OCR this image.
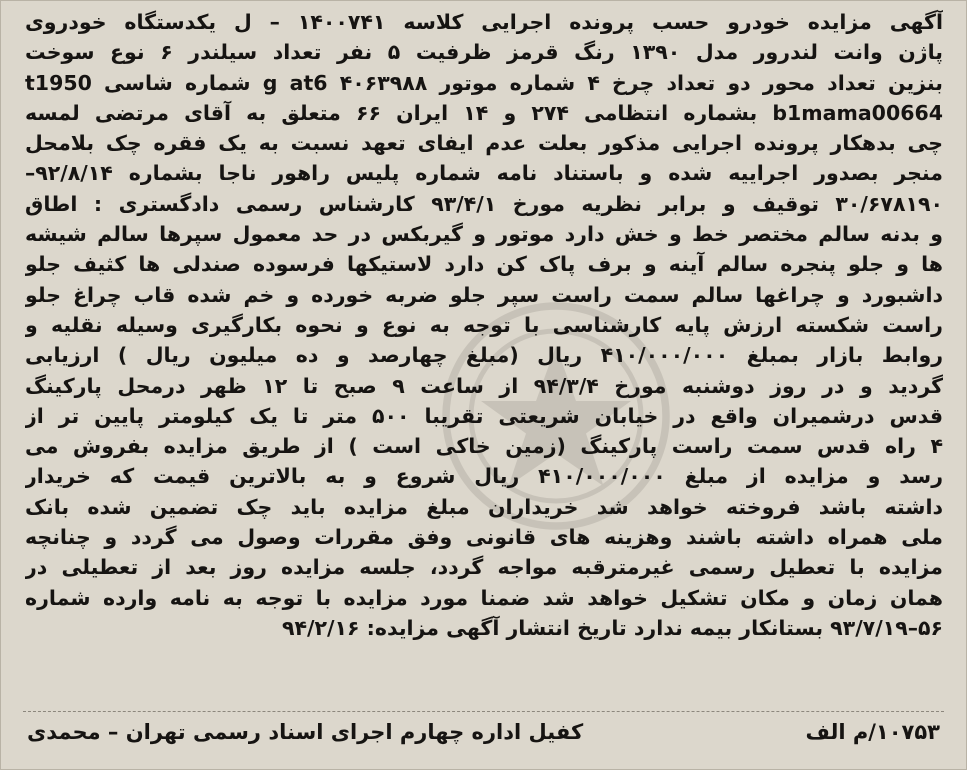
آگهی مزایده خودرو حسب پرونده اجرایی کلاسه ۱۴۰۰۷۴۱ – ل یکدستگاه خودروی
پاژن وانت لندرور مدل ۱۳۹۰ رنگ قرمز ظرفیت ۵ نفر تعداد سیلندر ۶ نوع سوخت
بنزین تعداد محور دو تعداد چرخ ۴ شماره موتور g at6 ۴۰۶۳۹۸۸ شماره شاسی t1950
b1mama00664 بشماره انتظامی ۲۷۴ و ۱۴ ایران ۶۶ متعلق به آقای مرتضی لمسه
چی بدهکار پرونده اجرایی مذکور بعلت عدم ایفای تعهد نسبت به یک فقره چک بلامحل
منجر بصدور اجراییه شده و باستناد نامه شماره پلیس راهور ناجا بشماره ۹۲/۸/۱۴–
۳۰/۶۷۸۱۹۰ توقیف و برابر نظریه مورخ ۹۳/۴/۱ کارشناس رسمی دادگستری : اطاق
و بدنه سالم مختصر خط و خش دارد موتور و گیربکس در حد معمول سپرها سالم شیشه
ها و جلو پنجره سالم آینه و برف پاک کن دارد لاستیکها فرسوده صندلی ها کثیف جلو
داشبورد و چراغها سالم سمت راست سپر جلو ضربه خورده و خم شده قاب چراغ جلو
راست شکسته ارزش پایه کارشناسی با توجه به نوع و نحوه بکارگیری وسیله نقلیه و
روابط بازار بمبلغ ۴۱۰/۰۰۰/۰۰۰ ریال (مبلغ چهارصد و ده میلیون ریال ) ارزیابی
گردید و در روز دوشنبه مورخ ۹۴/۳/۴ از ساعت ۹ صبح تا ۱۲ ظهر درمحل پارکینگ
قدس درشمیران واقع در خیابان شریعتی تقریبا ۵۰۰ متر تا یک کیلومتر پایین تر از
۴ راه قدس سمت راست پارکینگ (زمین خاکی است ) از طریق مزایده بفروش می
رسد و مزایده از مبلغ ۴۱۰/۰۰۰/۰۰۰ ریال شروع و به بالاترین قیمت که خریدار
داشته باشد فروخته خواهد شد خریداران مبلغ مزایده باید چک تضمین شده بانک
ملی همراه داشته باشند وهزینه های قانونی وفق مقررات وصول می گردد و چنانچه
مزایده با تعطیل رسمی غیرمترقبه مواجه گردد، جلسه مزایده روز بعد از تعطیلی در
همان زمان و مکان تشکیل خواهد شد ضمنا مورد مزایده با توجه به نامه وارده شماره
۵۶–۹۳/۷/۱۹ بستانکار بیمه ندارد تاریخ انتشار آگهی مزایده: ۹۴/۲/۱۶
۱۰۷۵۳/م الف
کفیل اداره چهارم اجرای اسناد رسمی تهران – محمدی
